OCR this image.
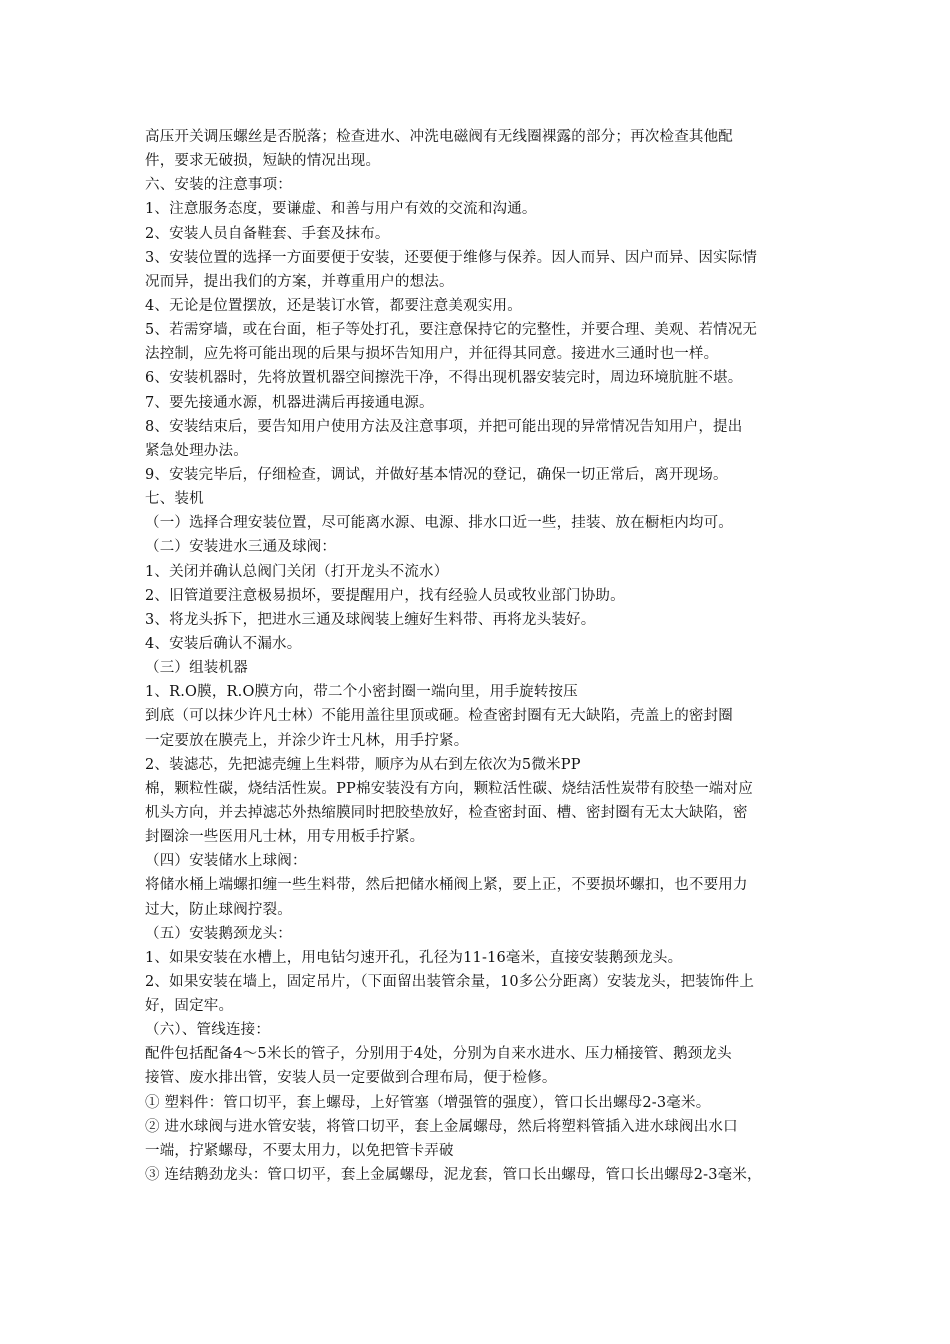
高压开关调压螺丝是否脱落；检查进水、冲洗电磁阀有无线圈裸露的部分；再次检查其他配
件，要求无破损，短缺的情况出现。
六、安装的注意事项：
1、注意服务态度，要谦虚、和善与用户有效的交流和沟通。
2、安装人员自备鞋套、手套及抹布。
3、安装位置的选择一方面要便于安装，还要便于维修与保养。因人而异、因户而异、因实际情
况而异，提出我们的方案，并尊重用户的想法。
4、无论是位置摆放，还是装订水管，都要注意美观实用。
5、若需穿墙，或在台面，柜子等处打孔，要注意保持它的完整性，并要合理、美观、若情况无
法控制，应先将可能出现的后果与损坏告知用户，并征得其同意。接进水三通时也一样。
6、安装机器时，先将放置机器空间擦洗干净，不得出现机器安装完时，周边环境肮脏不堪。
7、要先接通水源，机器进满后再接通电源。
8、安装结束后，要告知用户使用方法及注意事项，并把可能出现的异常情况告知用户，提出
紧急处理办法。
9、安装完毕后，仔细检查，调试，并做好基本情况的登记，确保一切正常后，离开现场。
七、装机
（一）选择合理安装位置，尽可能离水源、电源、排水口近一些，挂装、放在橱柜内均可。
（二）安装进水三通及球阀：
1、关闭并确认总阀门关闭（打开龙头不流水）
2、旧管道要注意极易损坏，要提醒用户，找有经验人员或牧业部门协助。
3、将龙头拆下，把进水三通及球阀装上缠好生料带、再将龙头装好。
4、安装后确认不漏水。
（三）组装机器
1、R.O膜，R.O膜方向，带二个小密封圈一端向里，用手旋转按压
到底（可以抹少许凡士林）不能用盖往里顶或砸。检查密封圈有无大缺陷，壳盖上的密封圈
一定要放在膜壳上，并涂少许士凡林，用手拧紧。
2、装滤芯，先把滤壳缠上生料带，顺序为从右到左依次为5微米PP
棉，颗粒性碳，烧结活性炭。PP棉安装没有方向，颗粒活性碳、烧结活性炭带有胶垫一端对应
机头方向，并去掉滤芯外热缩膜同时把胶垫放好，检查密封面、槽、密封圈有无太大缺陷，密
封圈涂一些医用凡士林，用专用板手拧紧。
（四）安装储水上球阀：
将储水桶上端螺扣缠一些生料带，然后把储水桶阀上紧，要上正，不要损坏螺扣，也不要用力
过大，防止球阀拧裂。
（五）安装鹅颈龙头：
1、如果安装在水槽上，用电钻匀速开孔，孔径为11-16毫米，直接安装鹅颈龙头。
2、如果安装在墙上，固定吊片，（下面留出装管余量，10多公分距离）安装龙头，把装饰件上
好，固定牢。
（六）、管线连接：
配件包括配备4～5米长的管子，分别用于4处，分别为自来水进水、压力桶接管、鹅颈龙头
接管、废水排出管，安装人员一定要做到合理布局，便于检修。
① 塑料件：管口切平，套上螺母，上好管塞（增强管的强度），管口长出螺母2-3毫米。
② 进水球阀与进水管安装，将管口切平，套上金属螺母，然后将塑料管插入进水球阀出水口
一端，拧紧螺母，不要太用力，以免把管卡弄破
③ 连结鹅劲龙头：管口切平，套上金属螺母，泥龙套，管口长出螺母，管口长出螺母2-3毫米，
